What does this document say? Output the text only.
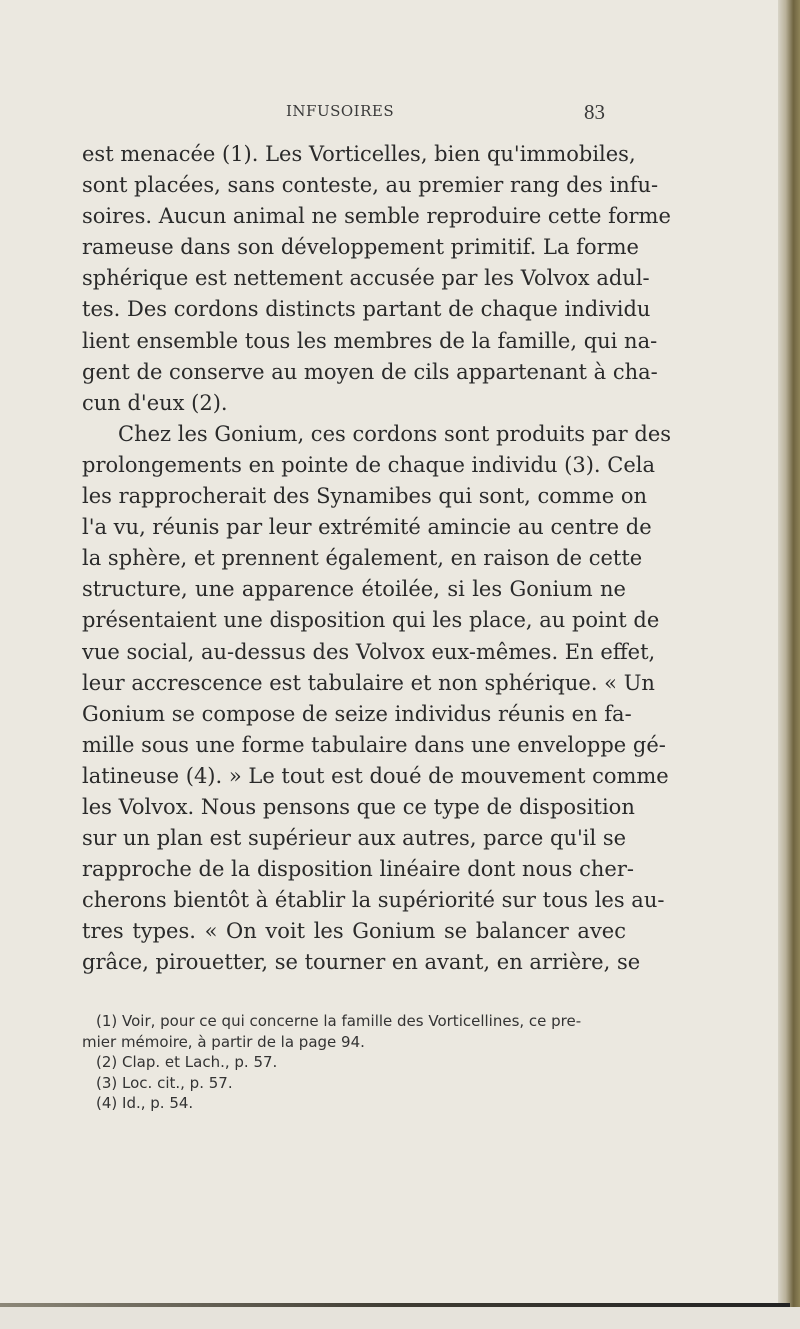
INFUSOIRES	83
est menacée (1). Les Vorticelles, bien qu'immobiles,
sont placées, sans conteste, au premier rang des infu-
soires. Aucun animal ne semble reproduire cette forme
rameuse dans son développement primitif. La forme
sphérique est nettement accusée par les Volvox adul-
tes. Des cordons distincts partant de chaque individu
lient ensemble tous les membres de la famille, qui na-
gent de conserve au moyen de cils appartenant à cha-
cun d'eux (2).
Chez les Gonium, ces cordons sont produits par des
prolongements en pointe de chaque individu (3). Cela
les rapprocherait des Synamibes qui sont, comme on
l'a vu, réunis par leur extrémité amincie au centre de
la sphère, et prennent également, en raison de cette
structure, une apparence étoilée, si les Gonium ne
présentaient une disposition qui les place, au point de
vue social, au-dessus des Volvox eux-mêmes. En effet,
leur accrescence est tabulaire et non sphérique. « Un
Gonium se compose de seize individus réunis en fa-
mille sous une forme tabulaire dans une enveloppe gé-
latineuse (4). » Le tout est doué de mouvement comme
les Volvox. Nous pensons que ce type de disposition
sur un plan est supérieur aux autres, parce qu'il se
rapproche de la disposition linéaire dont nous cher-
cherons bientôt à établir la supériorité sur tous les au-
tres types. « On voit les Gonium se balancer avec
grâce, pirouetter, se tourner en avant, en arrière, se
(1) Voir, pour ce qui concerne la famille des Vorticellines, ce pre-
mier mémoire, à partir de la page 94.
(2) Clap. et Lach., p. 57.
(3) Loc. cit., p. 57.
(4) Id., p. 54.
